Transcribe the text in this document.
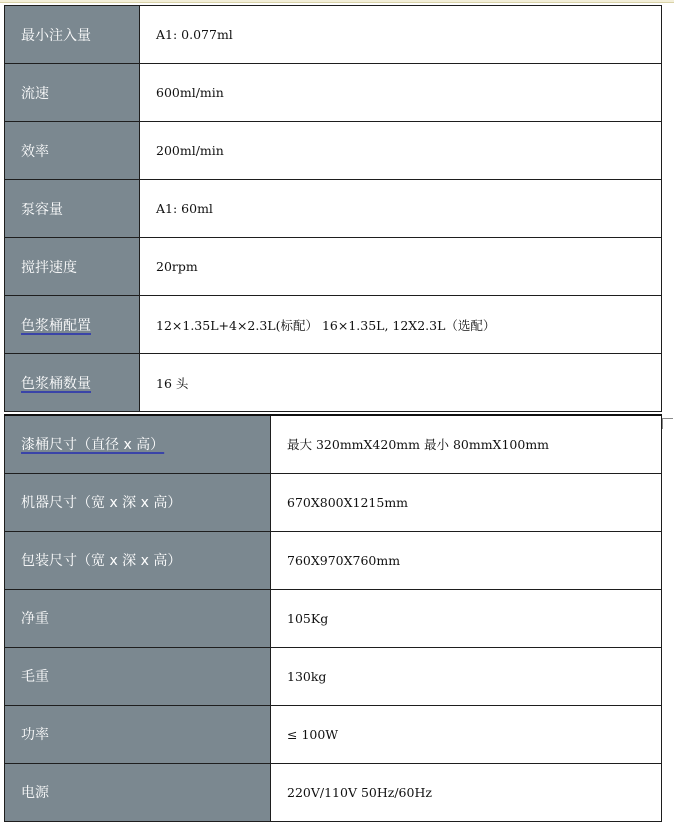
最小注入量	A1: 0.077ml
流速	600ml/min
效率	200ml/min
泵容量	A1: 60ml
搅拌速度	20rpm
色浆桶配置	12×1.35L+4×2.3L(标配） 16×1.35L, 12X2.3L（选配）
色浆桶数量	16 头
漆桶尺寸（直径 x 高）	最大 320mmX420mm 最小 80mmX100mm
机器尺寸（宽 x 深 x 高）	670X800X1215mm
包装尺寸（宽 x 深 x 高）	760X970X760mm
净重	105Kg
毛重	130kg
功率	≤ 100W
电源	220V/110V 50Hz/60Hz
